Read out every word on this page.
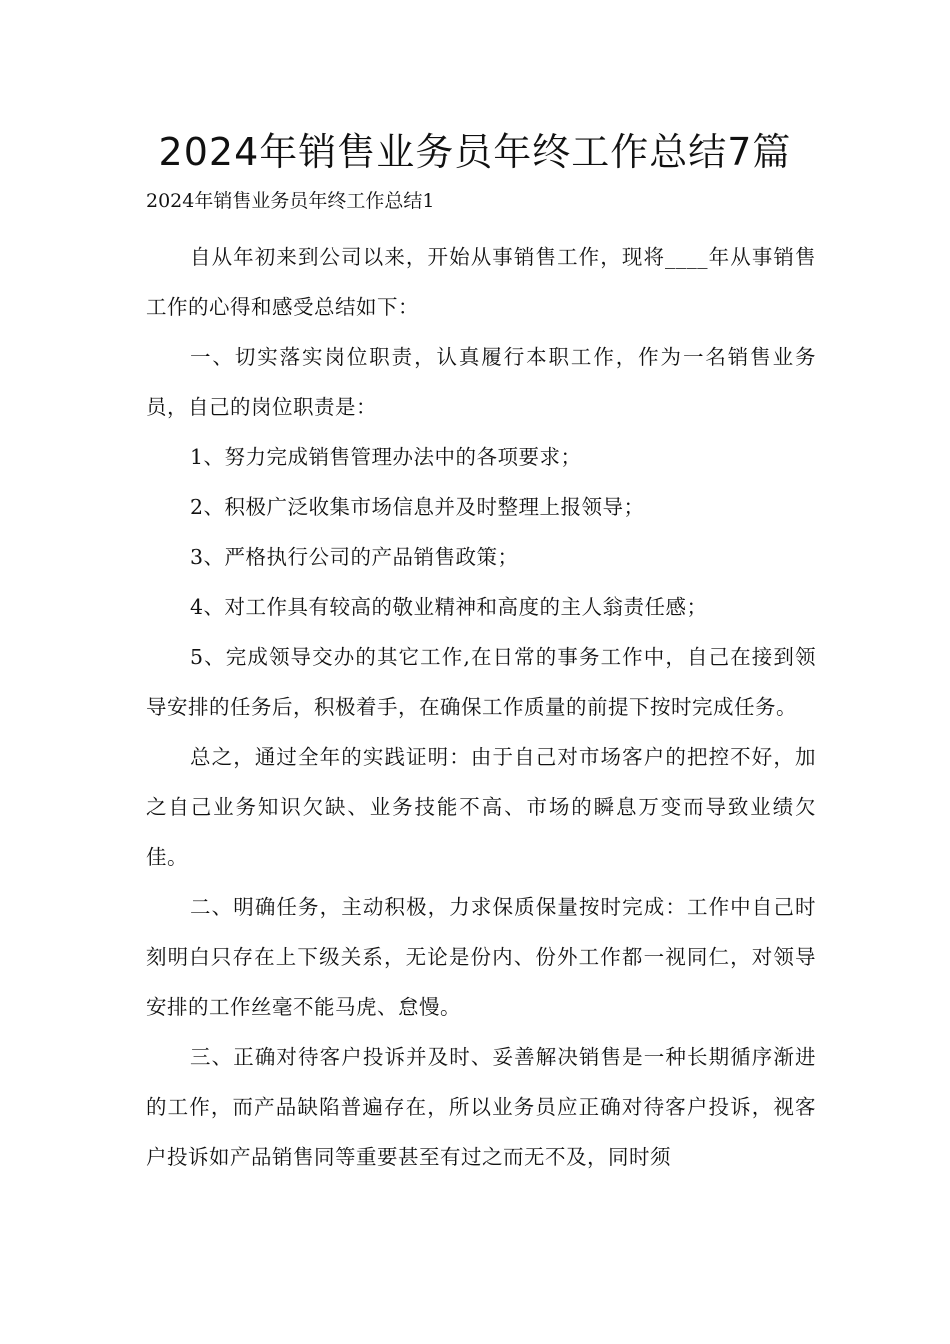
2024年销售业务员年终工作总结7篇

2024年销售业务员年终工作总结1

自从年初来到公司以来，开始从事销售工作，现将____年从事销售工作的心得和感受总结如下：

一、切实落实岗位职责，认真履行本职工作，作为一名销售业务员，自己的岗位职责是：

1、努力完成销售管理办法中的各项要求；

2、积极广泛收集市场信息并及时整理上报领导；

3、严格执行公司的产品销售政策；

4、对工作具有较高的敬业精神和高度的主人翁责任感；

5、完成领导交办的其它工作,在日常的事务工作中，自己在接到领导安排的任务后，积极着手，在确保工作质量的前提下按时完成任务。

总之，通过全年的实践证明：由于自己对市场客户的把控不好，加之自己业务知识欠缺、业务技能不高、市场的瞬息万变而导致业绩欠佳。

二、明确任务，主动积极，力求保质保量按时完成：工作中自己时刻明白只存在上下级关系，无论是份内、份外工作都一视同仁，对领导安排的工作丝毫不能马虎、怠慢。

三、正确对待客户投诉并及时、妥善解决销售是一种长期循序渐进的工作，而产品缺陷普遍存在，所以业务员应正确对待客户投诉，视客户投诉如产品销售同等重要甚至有过之而无不及，同时须
